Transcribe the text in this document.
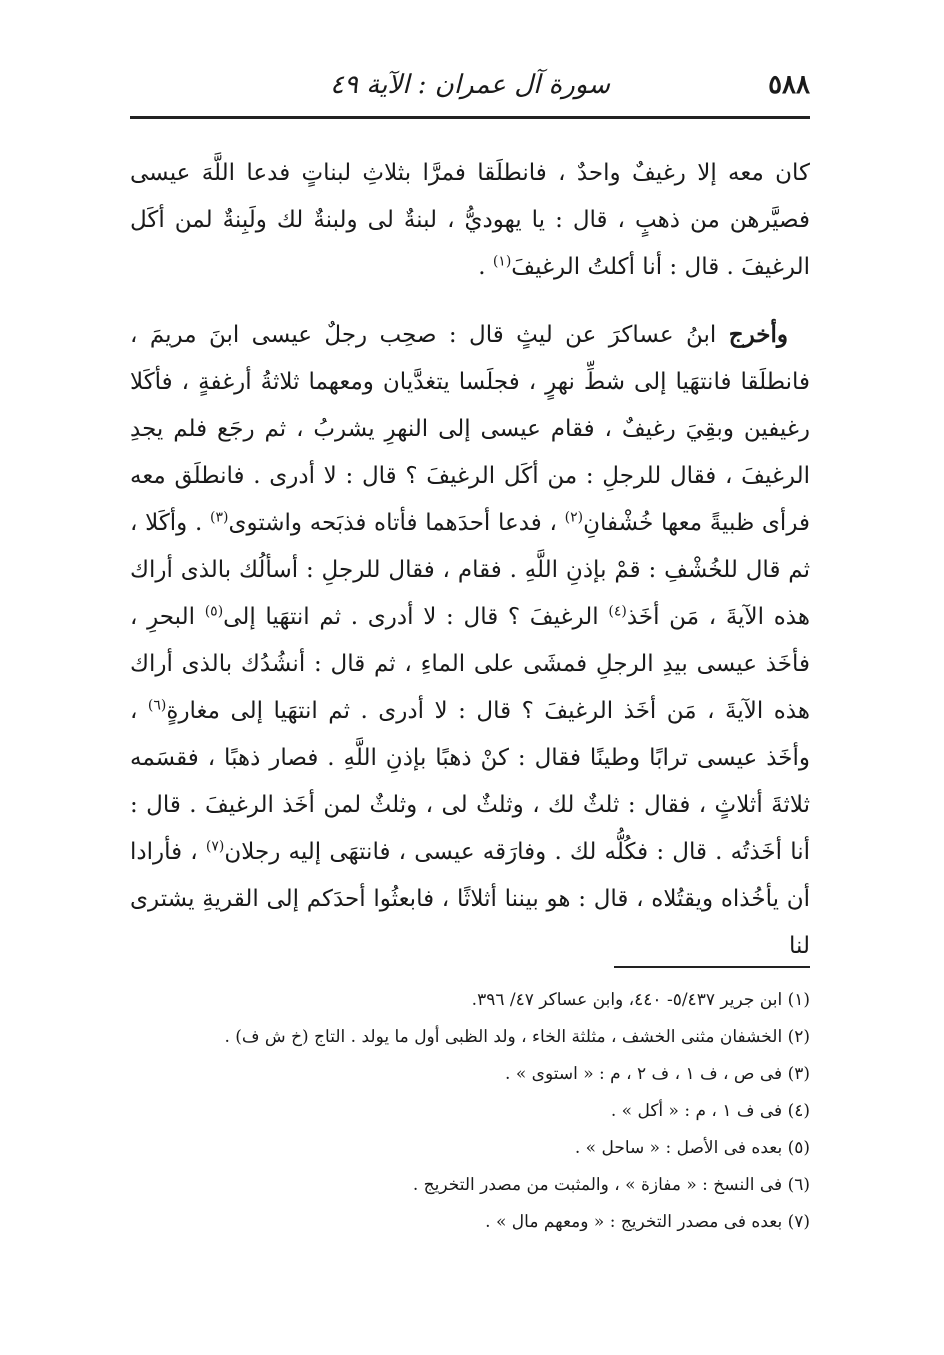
٥٨٨
سورة آل عمران : الآية ٤٩

كان معه إلا رغيفٌ واحدٌ ، فانطلَقا فمرَّا بثلاثِ لبناتٍ فدعا اللَّهَ عيسى فصيَّرهن من ذهبٍ ، قال : يا يهوديُّ ، لبنةٌ لى ولبنةٌ لك ولَبِنةٌ لمن أكَل الرغيفَ . قال : أنا أكلتُ الرغيفَ$^{(١)}$ .

وأخرج ابنُ عساكرَ عن ليثٍ قال : صحِب رجلٌ عيسى ابنَ مريمَ ، فانطلَقا فانتهَيا إلى شطِّ نهرٍ ، فجلَسا يتغدَّيان ومعهما ثلاثةُ أرغفةٍ ، فأكَلا رغيفين وبقِيَ رغيفٌ ، فقام عيسى إلى النهرِ يشربُ ، ثم رجَع فلم يجدِ الرغيفَ ، فقال للرجلِ : من أكَل الرغيفَ ؟ قال : لا أدرى . فانطلَق معه فرأى ظبيةً معها خُشْفانِ$^{(٢)}$ ، فدعا أحدَهما فأتاه فذبَحه واشتوى$^{(٣)}$ . وأكَلا ، ثم قال للخُشْفِ : قمْ بإذنِ اللَّهِ . فقام ، فقال للرجلِ : أسألُك بالذى أراك هذه الآيةَ ، مَن أخَذ$^{(٤)}$ الرغيفَ ؟ قال : لا أدرى . ثم انتهَيا إلى$^{(٥)}$ البحرِ ، فأخَذ عيسى بيدِ الرجلِ فمشَى على الماءِ ، ثم قال : أنشُدُك بالذى أراك هذه الآيةَ ، مَن أخَذ الرغيفَ ؟ قال : لا أدرى . ثم انتهَيا إلى مغارةٍ$^{(٦)}$ ، وأخَذ عيسى ترابًا وطينًا فقال : كنْ ذهبًا بإذنِ اللَّهِ . فصار ذهبًا ، فقسَمه ثلاثةَ أثلاثٍ ، فقال : ثلثٌ لك ، وثلثٌ لى ، وثلثٌ لمن أخَذ الرغيفَ . قال : أنا أخَذتُه . قال : فكُلُّه لك . وفارَقه عيسى ، فانتهَى إليه رجلان$^{(٧)}$ ، فأرادا أن يأخُذاه ويقتُلاه ، قال : هو بيننا أثلاثًا ، فابعثُوا أحدَكم إلى القريةِ يشترى لنا

(١) ابن جرير ٥/٤٣٧- ٤٤٠، وابن عساكر ٤٧/ ٣٩٦.
(٢) الخشفان مثنى الخشف ، مثلثة الخاء ، ولد الظبى أول ما يولد . التاج (خ ش ف) .
(٣) فى ص ، ف ١ ، ف ٢ ، م : « استوى » .
(٤) فى ف ١ ، م : « أكل » .
(٥) بعده فى الأصل : « ساحل » .
(٦) فى النسخ : « مفازة » ، والمثبت من مصدر التخريج .
(٧) بعده فى مصدر التخريج : « ومعهم مال » .
